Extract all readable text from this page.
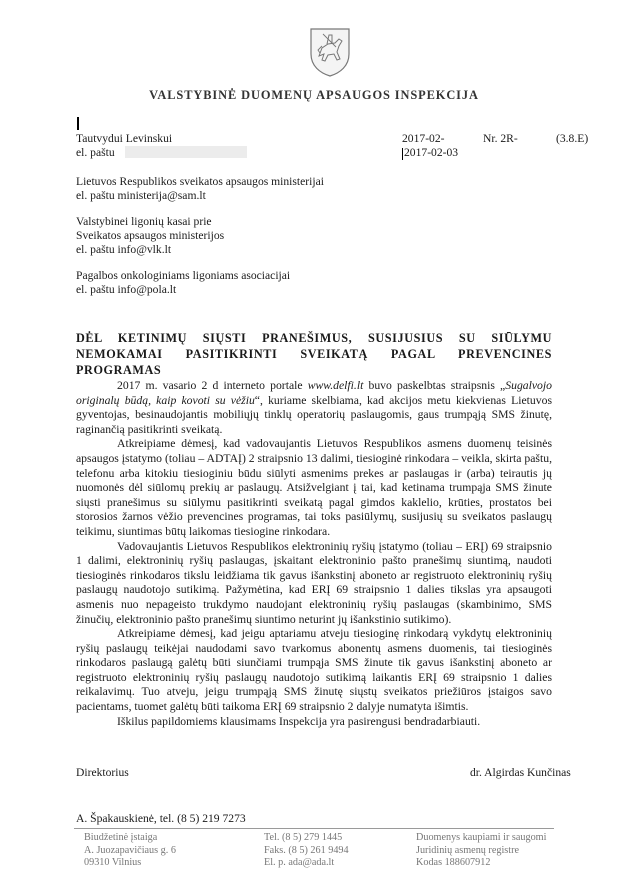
VALSTYBINĖ DUOMENŲ APSAUGOS INSPEKCIJA
Tautvydui Levinskui
el. paštu
2017-02-	Nr. 2R-	(3.8.E)
2017-02-03
Lietuvos Respublikos sveikatos apsaugos ministerijai
el. paštu ministerija@sam.lt
Valstybinei ligonių kasai prie
Sveikatos apsaugos ministerijos
el. paštu info@vlk.lt
Pagalbos onkologiniams ligoniams asociacijai
el. paštu info@pola.lt
DĖL KETINIMŲ SIŲSTI PRANEŠIMUS, SUSIJUSIUS SU SIŪLYMU NEMOKAMAI PASITIKRINTI SVEIKATĄ PAGAL PREVENCINES PROGRAMAS

2017 m. vasario 2 d interneto portale www.delfi.lt buvo paskelbtas straipsnis „Sugalvojo originalų būdą, kaip kovoti su vėžiu“, kuriame skelbiama, kad akcijos metu kiekvienas Lietuvos gyventojas, besinaudojantis mobiliųjų tinklų operatorių paslaugomis, gaus trumpąją SMS žinutę, raginančią pasitikrinti sveikatą.

Atkreipiame dėmesį, kad vadovaujantis Lietuvos Respublikos asmens duomenų teisinės apsaugos įstatymo (toliau – ADTAĮ) 2 straipsnio 13 dalimi, tiesioginė rinkodara – veikla, skirta paštu, telefonu arba kitokiu tiesioginiu būdu siūlyti asmenims prekes ar paslaugas ir (arba) teirautis jų nuomonės dėl siūlomų prekių ar paslaugų. Atsižvelgiant į tai, kad ketinama trumpąja SMS žinute siųsti pranešimus su siūlymu pasitikrinti sveikatą pagal gimdos kaklelio, krūties, prostatos bei storosios žarnos vėžio prevencines programas, tai toks pasiūlymų, susijusių su sveikatos paslaugų teikimu, siuntimas būtų laikomas tiesiogine rinkodara.

Vadovaujantis Lietuvos Respublikos elektroninių ryšių įstatymo (toliau – ERĮ) 69 straipsnio 1 dalimi, elektroninių ryšių paslaugas, įskaitant elektroninio pašto pranešimų siuntimą, naudoti tiesioginės rinkodaros tikslu leidžiama tik gavus išankstinį aboneto ar registruoto elektroninių ryšių paslaugų naudotojo sutikimą. Pažymėtina, kad ERĮ 69 straipsnio 1 dalies tikslas yra apsaugoti asmenis nuo nepageisto trukdymo naudojant elektroninių ryšių paslaugas (skambinimo, SMS žinučių, elektroninio pašto pranešimų siuntimo neturint jų išankstinio sutikimo).

Atkreipiame dėmesį, kad jeigu aptariamu atveju tiesioginę rinkodarą vykdytų elektroninių ryšių paslaugų teikėjai naudodami savo tvarkomus abonentų asmens duomenis, tai tiesioginės rinkodaros paslaugą galėtų būti siunčiami trumpąja SMS žinute tik gavus išankstinį aboneto ar registruoto elektroninių ryšių paslaugų naudotojo sutikimą laikantis ERĮ 69 straipsnio 1 dalies reikalavimų. Tuo atveju, jeigu trumpąją SMS žinutę siųstų sveikatos priežiūros įstaigos savo pacientams, tuomet galėtų būti taikoma ERĮ 69 straipsnio 2 dalyje numatyta išimtis.

Iškilus papildomiems klausimams Inspekcija yra pasirengusi bendradarbiauti.

Direktorius	dr. Algirdas Kunčinas
A. Špakauskienė, tel. (8 5) 219 7273
Biudžetinė įstaiga
A. Juozapavičiaus g. 6
09310 Vilnius
Tel. (8 5) 279 1445
Faks. (8 5) 261 9494
El. p. ada@ada.lt
Duomenys kaupiami ir saugomi
Juridinių asmenų registre
Kodas 188607912
